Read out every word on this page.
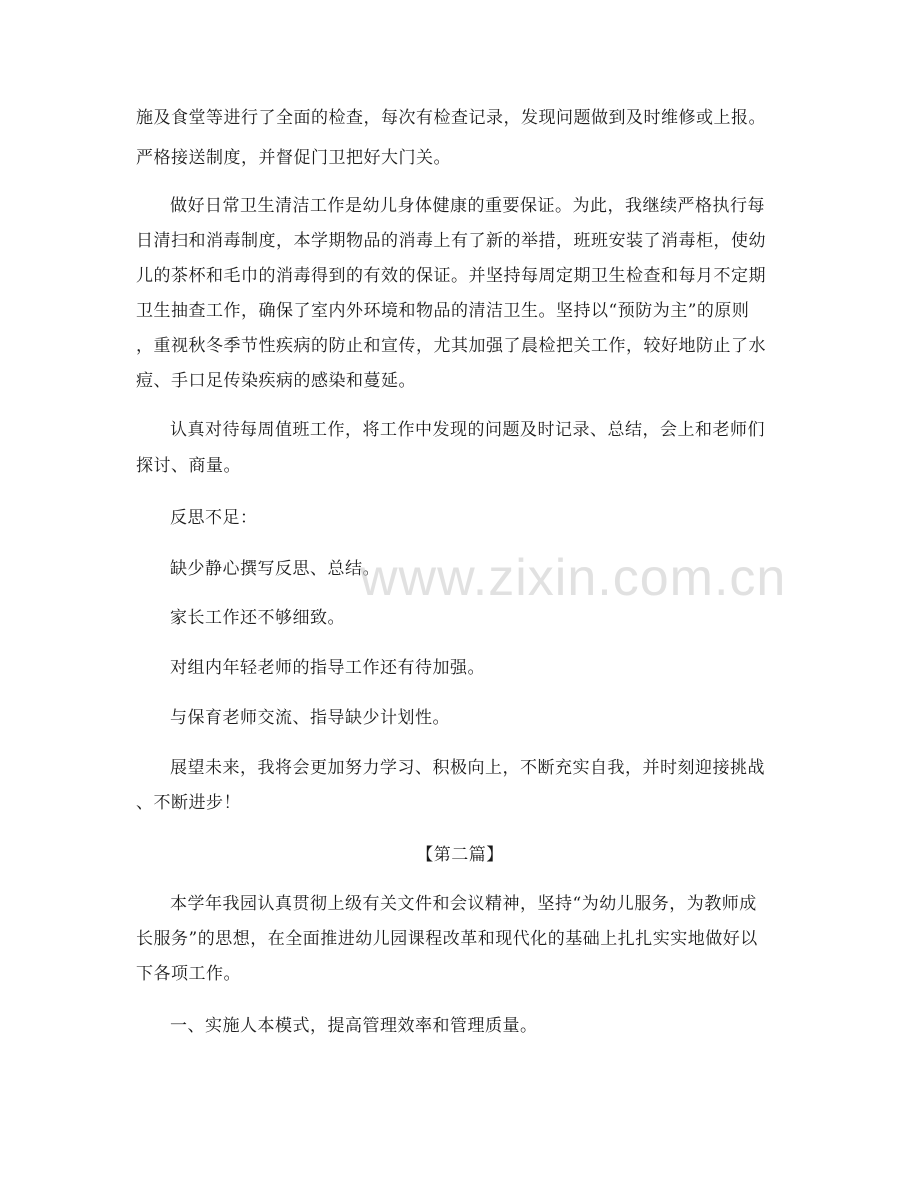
施及食堂等进行了全面的检查，每次有检查记录，发现问题做到及时维修或上报。
严格接送制度，并督促门卫把好大门关。
做好日常卫生清洁工作是幼儿身体健康的重要保证。为此，我继续严格执行每
日清扫和消毒制度，本学期物品的消毒上有了新的举措，班班安装了消毒柜，使幼
儿的茶杯和毛巾的消毒得到的有效的保证。并坚持每周定期卫生检查和每月不定期
卫生抽查工作，确保了室内外环境和物品的清洁卫生。坚持以“预防为主”的原则
，重视秋冬季节性疾病的防止和宣传，尤其加强了晨检把关工作，较好地防止了水
痘、手口足传染疾病的感染和蔓延。
认真对待每周值班工作，将工作中发现的问题及时记录、总结，会上和老师们
探讨、商量。
反思不足：
缺少静心撰写反思、总结。
家长工作还不够细致。
对组内年轻老师的指导工作还有待加强。
与保育老师交流、指导缺少计划性。
展望未来，我将会更加努力学习、积极向上，不断充实自我，并时刻迎接挑战
、不断进步！
【第二篇】
本学年我园认真贯彻上级有关文件和会议精神，坚持“为幼儿服务，为教师成
长服务”的思想，在全面推进幼儿园课程改革和现代化的基础上扎扎实实地做好以
下各项工作。
一、实施人本模式，提高管理效率和管理质量。
www.zixin.com.cn
